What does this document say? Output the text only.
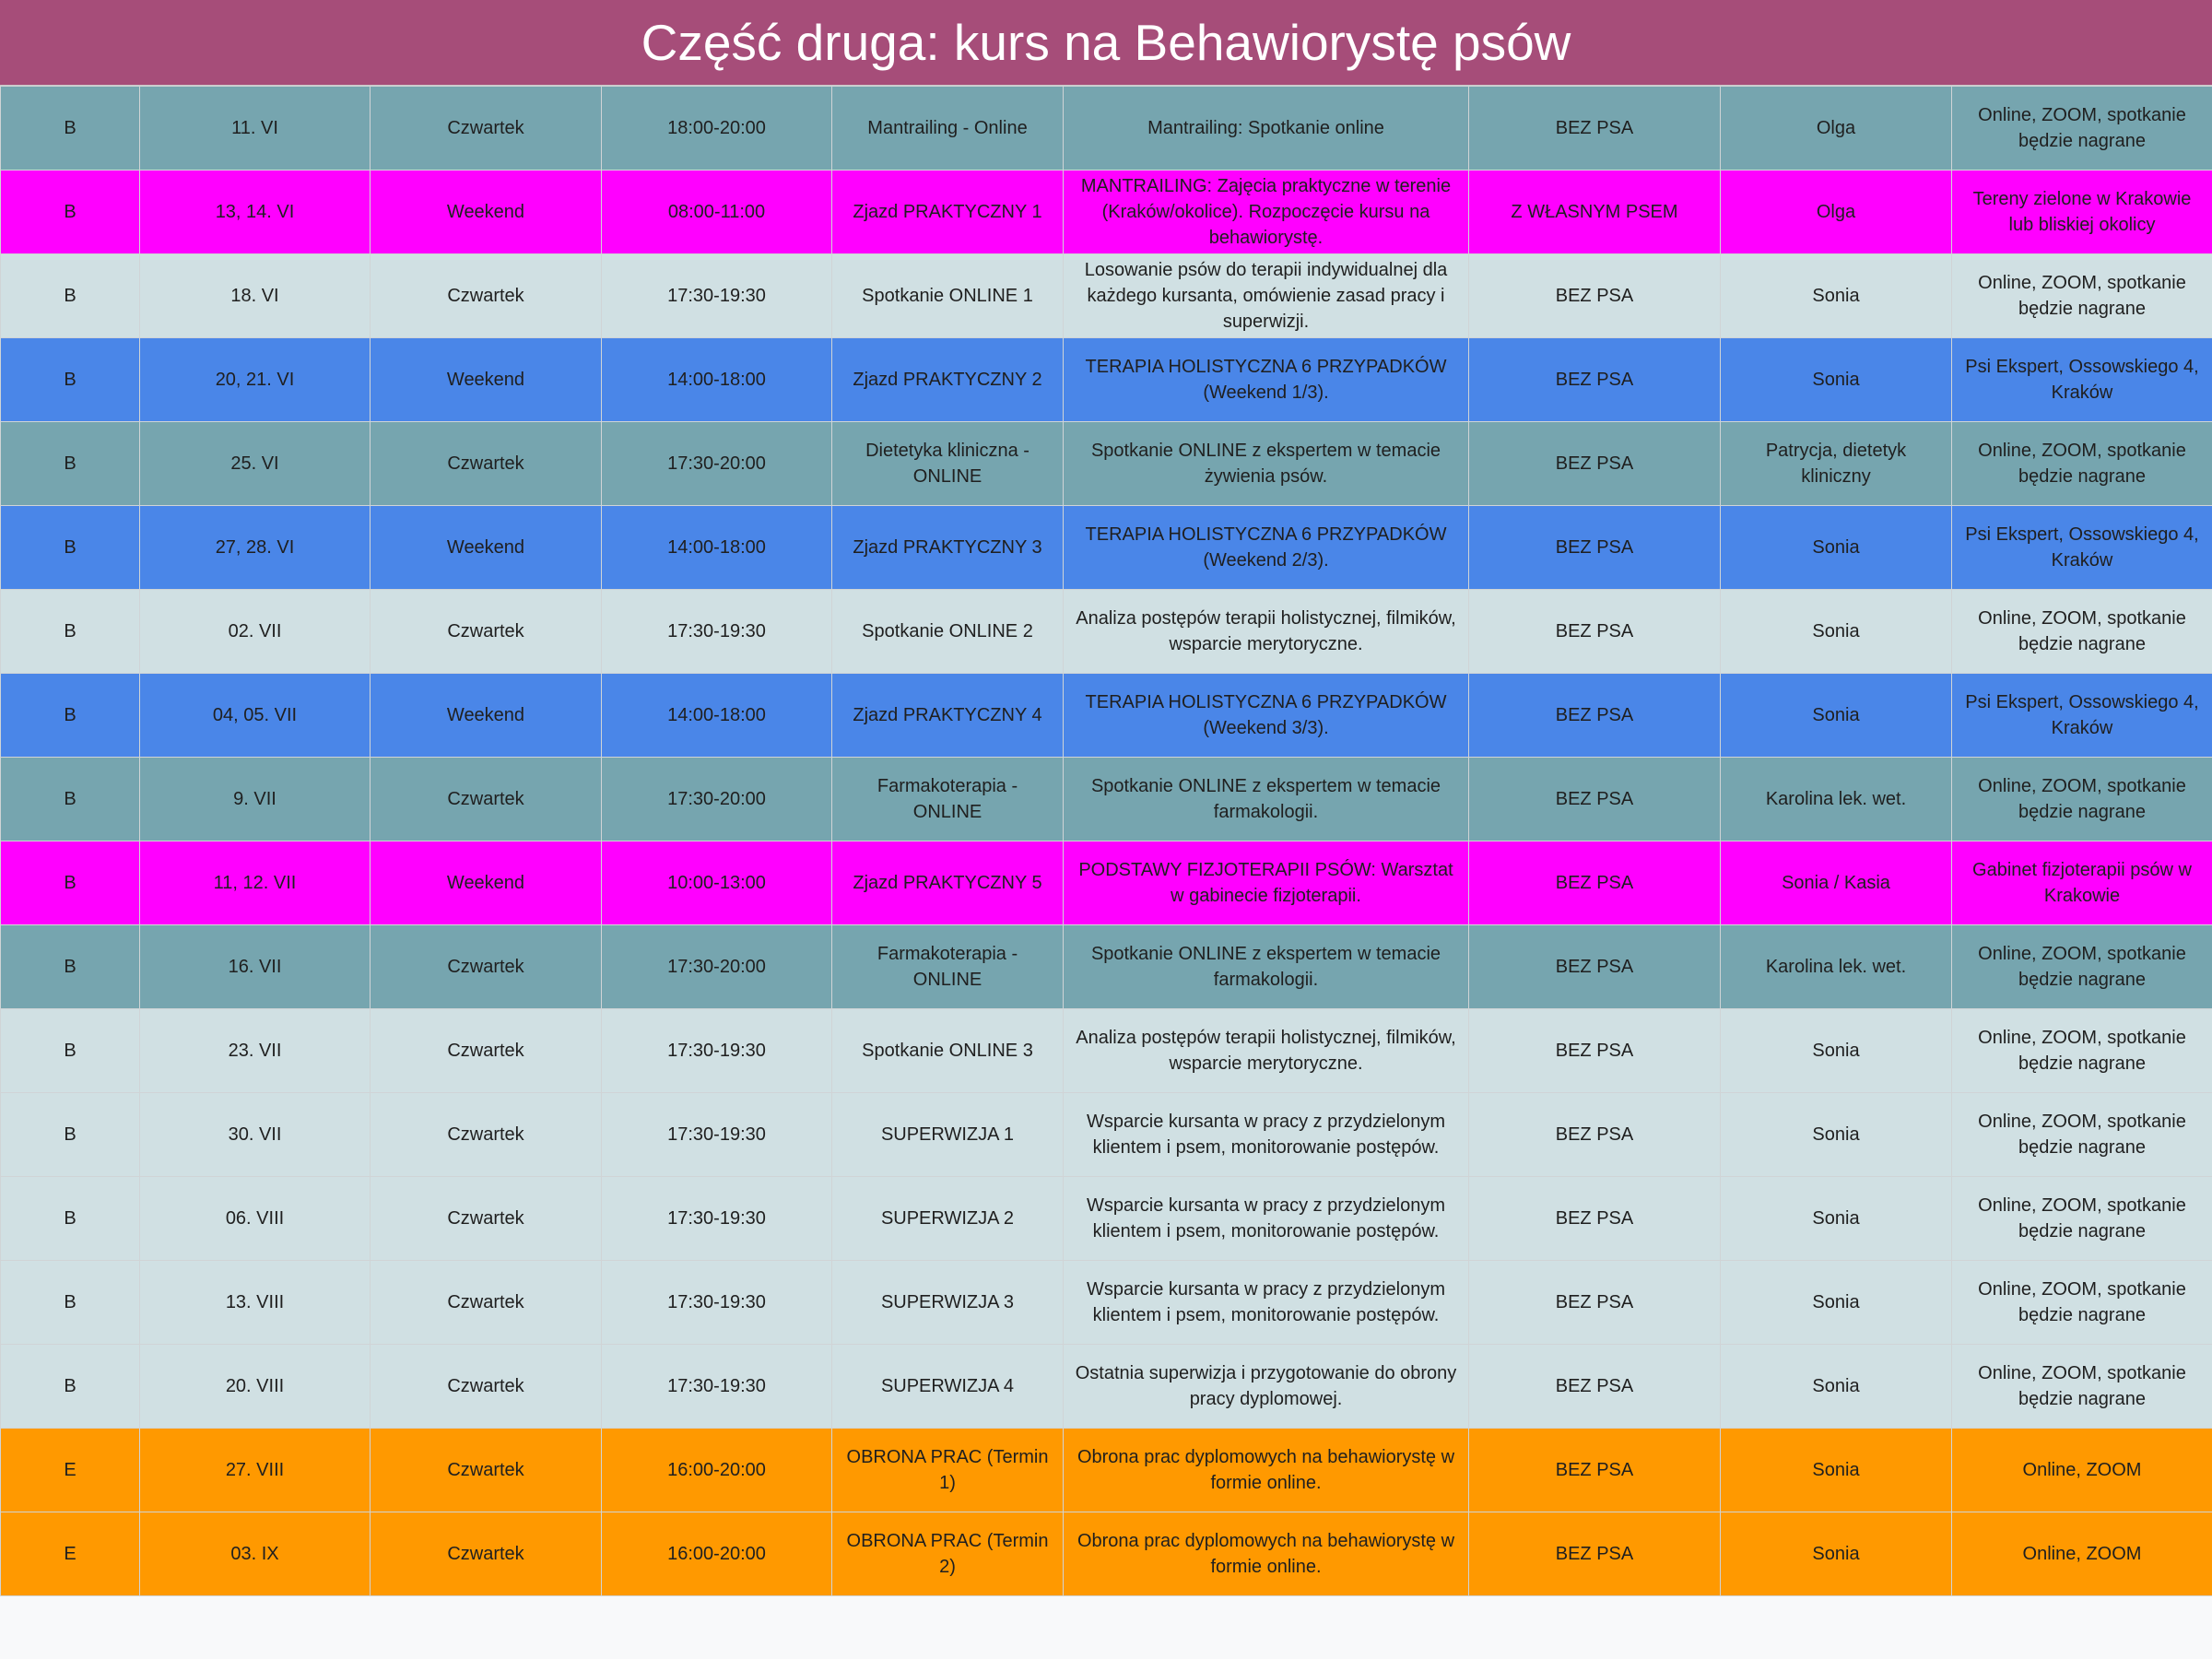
Część druga: kurs na Behawiorystę psów
B	11. VI	Czwartek	18:00-20:00	Mantrailing - Online	Mantrailing: Spotkanie online	BEZ PSA	Olga	Online, ZOOM, spotkanie będzie nagrane
B	13, 14. VI	Weekend	08:00-11:00	Zjazd PRAKTYCZNY 1	MANTRAILING: Zajęcia praktyczne w terenie (Kraków/okolice). Rozpoczęcie kursu na behawiorystę.	Z WŁASNYM PSEM	Olga	Tereny zielone w Krakowie lub bliskiej okolicy
B	18. VI	Czwartek	17:30-19:30	Spotkanie ONLINE 1	Losowanie psów do terapii indywidualnej dla każdego kursanta, omówienie zasad pracy i superwizji.	BEZ PSA	Sonia	Online, ZOOM, spotkanie będzie nagrane
B	20, 21. VI	Weekend	14:00-18:00	Zjazd PRAKTYCZNY 2	TERAPIA HOLISTYCZNA 6 PRZYPADKÓW (Weekend 1/3).	BEZ PSA	Sonia	Psi Ekspert, Ossowskiego 4, Kraków
B	25. VI	Czwartek	17:30-20:00	Dietetyka kliniczna - ONLINE	Spotkanie ONLINE z ekspertem w temacie żywienia psów.	BEZ PSA	Patrycja, dietetyk kliniczny	Online, ZOOM, spotkanie będzie nagrane
B	27, 28. VI	Weekend	14:00-18:00	Zjazd PRAKTYCZNY 3	TERAPIA HOLISTYCZNA 6 PRZYPADKÓW (Weekend 2/3).	BEZ PSA	Sonia	Psi Ekspert, Ossowskiego 4, Kraków
B	02. VII	Czwartek	17:30-19:30	Spotkanie ONLINE 2	Analiza postępów terapii holistycznej, filmików, wsparcie merytoryczne.	BEZ PSA	Sonia	Online, ZOOM, spotkanie będzie nagrane
B	04, 05. VII	Weekend	14:00-18:00	Zjazd PRAKTYCZNY 4	TERAPIA HOLISTYCZNA 6 PRZYPADKÓW (Weekend 3/3).	BEZ PSA	Sonia	Psi Ekspert, Ossowskiego 4, Kraków
B	9. VII	Czwartek	17:30-20:00	Farmakoterapia - ONLINE	Spotkanie ONLINE z ekspertem w temacie farmakologii.	BEZ PSA	Karolina lek. wet.	Online, ZOOM, spotkanie będzie nagrane
B	11, 12. VII	Weekend	10:00-13:00	Zjazd PRAKTYCZNY 5	PODSTAWY FIZJOTERAPII PSÓW: Warsztat w gabinecie fizjoterapii.	BEZ PSA	Sonia / Kasia	Gabinet fizjoterapii psów w Krakowie
B	16. VII	Czwartek	17:30-20:00	Farmakoterapia - ONLINE	Spotkanie ONLINE z ekspertem w temacie farmakologii.	BEZ PSA	Karolina lek. wet.	Online, ZOOM, spotkanie będzie nagrane
B	23. VII	Czwartek	17:30-19:30	Spotkanie ONLINE 3	Analiza postępów terapii holistycznej, filmików, wsparcie merytoryczne.	BEZ PSA	Sonia	Online, ZOOM, spotkanie będzie nagrane
B	30. VII	Czwartek	17:30-19:30	SUPERWIZJA 1	Wsparcie kursanta w pracy z przydzielonym klientem i psem, monitorowanie postępów.	BEZ PSA	Sonia	Online, ZOOM, spotkanie będzie nagrane
B	06. VIII	Czwartek	17:30-19:30	SUPERWIZJA 2	Wsparcie kursanta w pracy z przydzielonym klientem i psem, monitorowanie postępów.	BEZ PSA	Sonia	Online, ZOOM, spotkanie będzie nagrane
B	13. VIII	Czwartek	17:30-19:30	SUPERWIZJA 3	Wsparcie kursanta w pracy z przydzielonym klientem i psem, monitorowanie postępów.	BEZ PSA	Sonia	Online, ZOOM, spotkanie będzie nagrane
B	20. VIII	Czwartek	17:30-19:30	SUPERWIZJA 4	Ostatnia superwizja i przygotowanie do obrony pracy dyplomowej.	BEZ PSA	Sonia	Online, ZOOM, spotkanie będzie nagrane
E	27. VIII	Czwartek	16:00-20:00	OBRONA PRAC (Termin 1)	Obrona prac dyplomowych na behawiorystę w formie online.	BEZ PSA	Sonia	Online, ZOOM
E	03. IX	Czwartek	16:00-20:00	OBRONA PRAC (Termin 2)	Obrona prac dyplomowych na behawiorystę w formie online.	BEZ PSA	Sonia	Online, ZOOM
